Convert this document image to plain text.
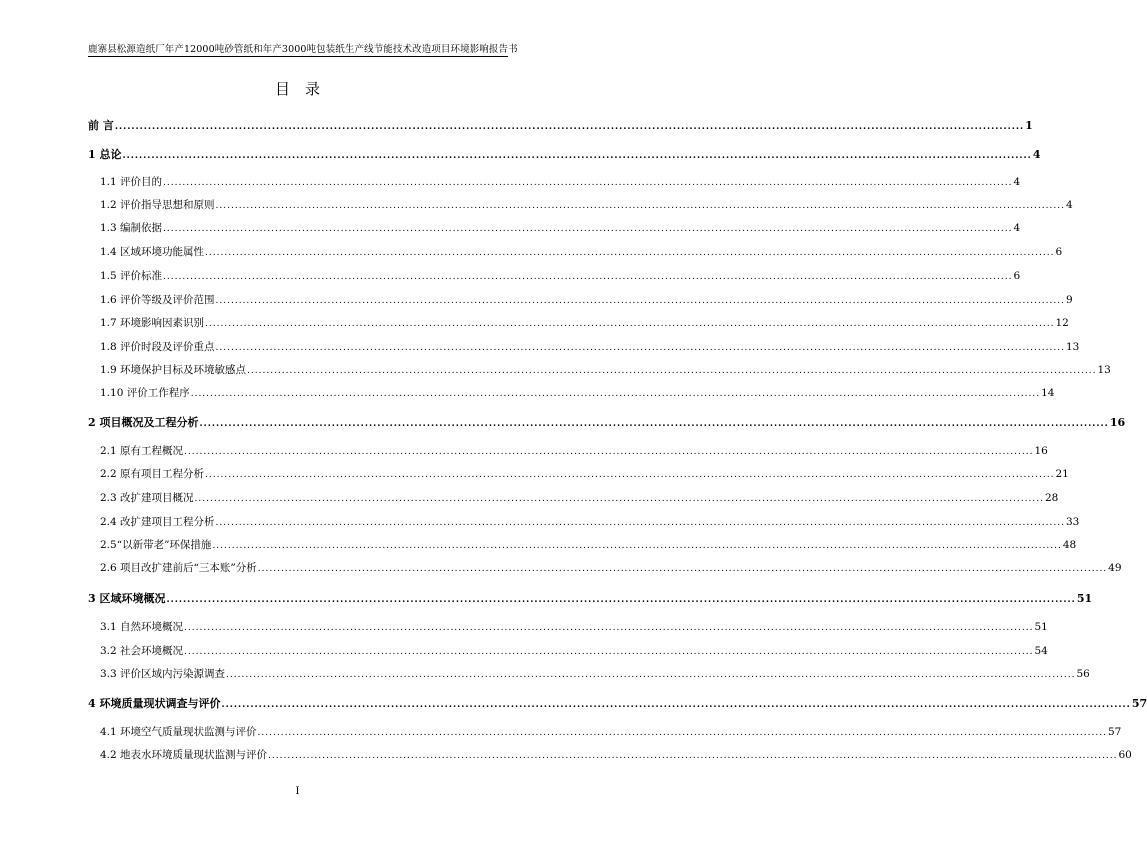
鹿寨县松源造纸厂年产12000吨砂管纸和年产3000吨包装纸生产线节能技术改造项目环境影响报告书
目　录
前 言 ............................................................................................................................................................................................................................ 1
1 总论 ............................................................................................................................................................................................................................ 4
1.1 评价目的 ............................................................................................................................................................................................................................ 4
1.2 评价指导思想和原则 ............................................................................................................................................................................................................................ 4
1.3 编制依据 ............................................................................................................................................................................................................................ 4
1.4 区域环境功能属性 ............................................................................................................................................................................................................................ 6
1.5 评价标准 ............................................................................................................................................................................................................................ 6
1.6 评价等级及评价范围 ............................................................................................................................................................................................................................ 9
1.7 环境影响因素识别 ............................................................................................................................................................................................................................ 12
1.8 评价时段及评价重点 ............................................................................................................................................................................................................................ 13
1.9 环境保护目标及环境敏感点 ............................................................................................................................................................................................................................ 13
1.10 评价工作程序 ............................................................................................................................................................................................................................ 14
2 项目概况及工程分析 ............................................................................................................................................................................................................................ 16
2.1 原有工程概况 ............................................................................................................................................................................................................................ 16
2.2 原有项目工程分析 ............................................................................................................................................................................................................................ 21
2.3 改扩建项目概况 ............................................................................................................................................................................................................................ 28
2.4 改扩建项目工程分析 ............................................................................................................................................................................................................................ 33
2.5“以新带老”环保措施 ............................................................................................................................................................................................................................ 48
2.6 项目改扩建前后“三本账”分析 ............................................................................................................................................................................................................................ 49
3 区域环境概况 ............................................................................................................................................................................................................................ 51
3.1 自然环境概况 ............................................................................................................................................................................................................................ 51
3.2 社会环境概况 ............................................................................................................................................................................................................................ 54
3.3 评价区域内污染源调查 ............................................................................................................................................................................................................................ 56
4 环境质量现状调查与评价 ............................................................................................................................................................................................................................ 57
4.1 环境空气质量现状监测与评价 ............................................................................................................................................................................................................................ 57
4.2 地表水环境质量现状监测与评价 ............................................................................................................................................................................................................................ 60
I
